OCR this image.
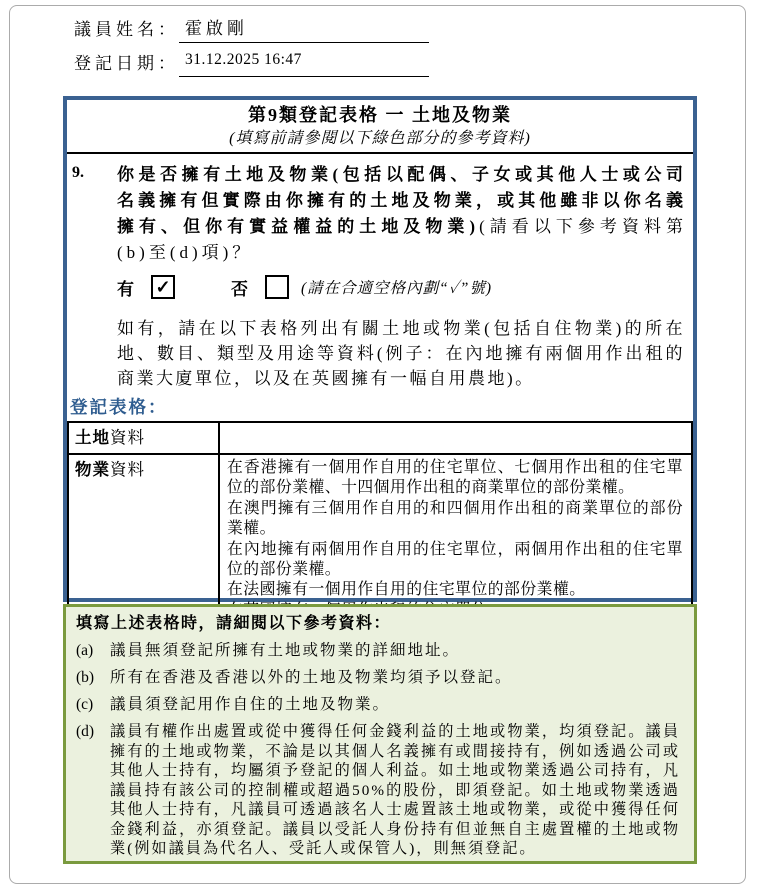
議員姓名： 霍啟剛
登記日期： 31.12.2025 16:47
第9類登記表格 一 土地及物業
(填寫前請參閱以下綠色部分的參考資料)
9.	你是否擁有土地及物業(包括以配偶、子女或其他人士或公司名義擁有但實際由你擁有的土地及物業，或其他雖非以你名義擁有、但你有實益權益的土地及物業)(請看以下參考資料第(b)至(d)項)？
有 ✓	否	(請在合適空格內劃“✓”號)
如有，請在以下表格列出有關土地或物業(包括自住物業)的所在地、數目、類型及用途等資料(例子：在內地擁有兩個用作出租的商業大廈單位，以及在英國擁有一幅自用農地)。
登記表格：
土地資料	
物業資料	在香港擁有一個用作自用的住宅單位、七個用作出租的住宅單位的部份業權、十四個用作出租的商業單位的部份業權。
在澳門擁有三個用作自用的和四個用作出租的商業單位的部份業權。
在內地擁有兩個用作自用的住宅單位，兩個用作出租的住宅單位的部份業權。
在法國擁有一個用作自用的住宅單位的部份業權。
填寫上述表格時，請細閱以下參考資料：
(a)	議員無須登記所擁有土地或物業的詳細地址。
(b)	所有在香港及香港以外的土地及物業均須予以登記。
(c)	議員須登記用作自住的土地及物業。
(d)	議員有權作出處置或從中獲得任何金錢利益的土地或物業，均須登記。議員擁有的土地或物業，不論是以其個人名義擁有或間接持有，例如透過公司或其他人士持有，均屬須予登記的個人利益。如土地或物業透過公司持有，凡議員持有該公司的控制權或超過50%的股份，即須登記。如土地或物業透過其他人士持有，凡議員可透過該名人士處置該土地或物業，或從中獲得任何金錢利益，亦須登記。議員以受託人身份持有但並無自主處置權的土地或物業(例如議員為代名人、受託人或保管人)，則無須登記。
